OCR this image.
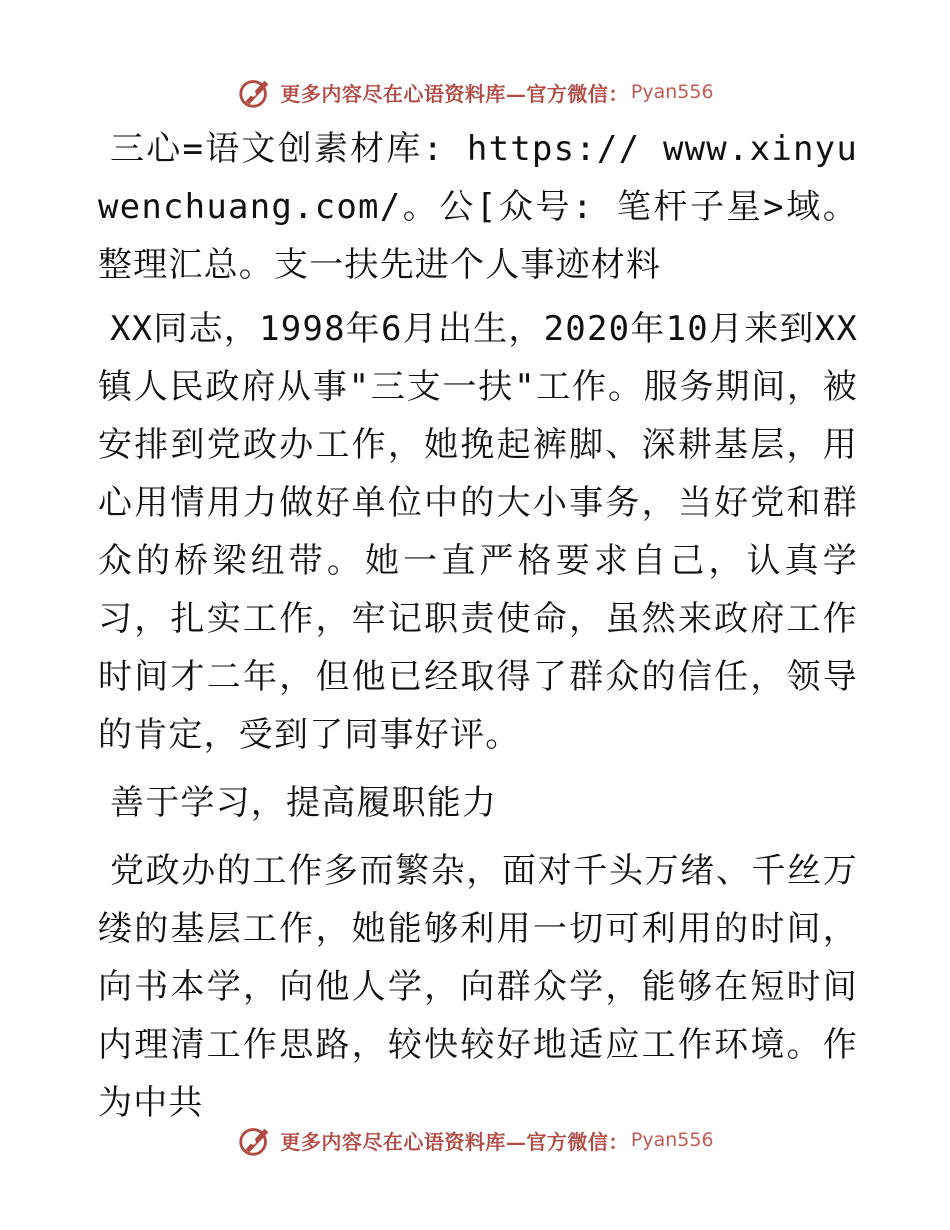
更多内容尽在心语资料库—官方微信： Pyan556

三心=语文创素材库: https:// www.xinyuwenchuang.com/。公[众号: 笔杆子星>域。整理汇总。支一扶先进个人事迹材料

XX同志，1998年6月出生，2020年10月来到XX镇人民政府从事"三支一扶"工作。服务期间，被安排到党政办工作，她挽起裤脚、深耕基层，用心用情用力做好单位中的大小事务，当好党和群众的桥梁纽带。她一直严格要求自己，认真学习，扎实工作，牢记职责使命，虽然来政府工作时间才二年，但他已经取得了群众的信任，领导的肯定，受到了同事好评。

善于学习，提高履职能力

党政办的工作多而繁杂，面对千头万绪、千丝万缕的基层工作，她能够利用一切可利用的时间，向书本学，向他人学，向群众学，能够在短时间内理清工作思路，较快较好地适应工作环境。作为中共

更多内容尽在心语资料库—官方微信： Pyan556
